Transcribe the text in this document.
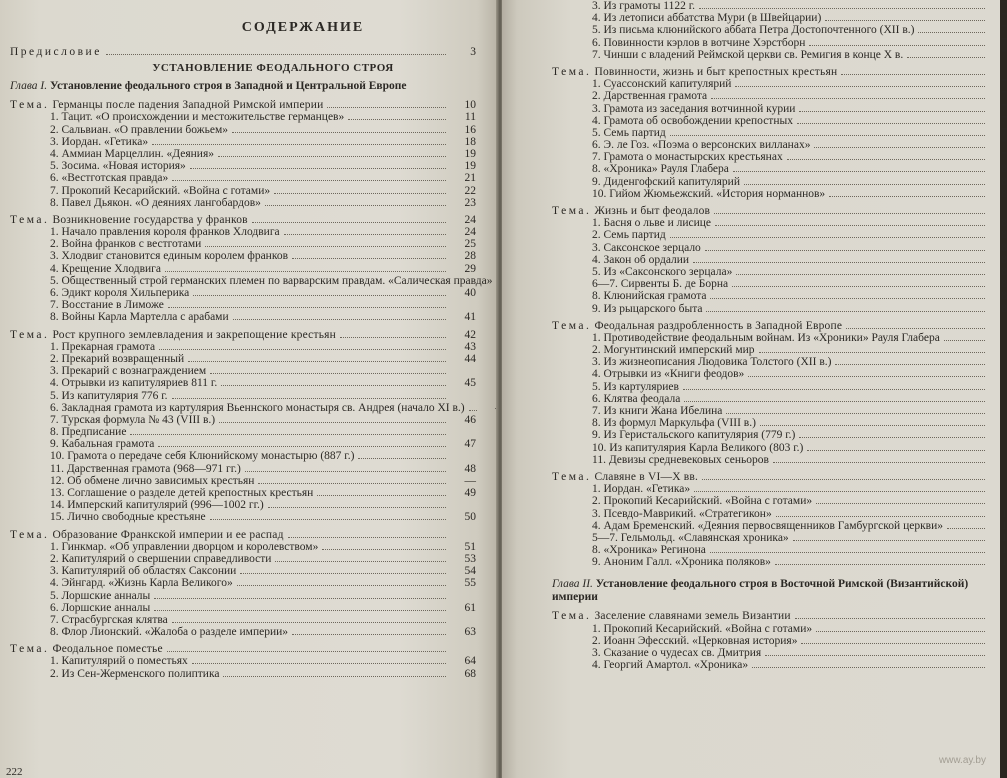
СОДЕРЖАНИЕ
Предисловие	3
УСТАНОВЛЕНИЕ ФЕОДАЛЬНОГО СТРОЯ
Глава I. Установление феодального строя в Западной и Центральной Европе
Тема. Германцы после падения Западной Римской империи	10
1. Тацит. «О происхождении и местожительстве германцев»	11
2. Сальвиан. «О правлении божьем»	16
3. Иордан. «Гетика»	18
4. Аммиан Марцеллин. «Деяния»	19
5. Зосима. «Новая история»	19
6. «Вестготская правда»	21
7. Прокопий Кесарийский. «Война с готами»	22
8. Павел Дьякон. «О деяниях лангобардов»	23
Тема. Возникновение государства у франков	24
1. Начало правления короля франков Хлодвига	24
2. Война франков с вестготами	25
3. Хлодвиг становится единым королем франков	28
4. Крещение Хлодвига	29
5. Общественный строй германских племен по варварским правдам. «Салическая правда»
6. Эдикт короля Хильперика	40
7. Восстание в Лиможе
8. Войны Карла Мартелла с арабами	41
Тема. Рост крупного землевладения и закрепощение крестьян	42
1. Прекарная грамота	43
2. Прекарий возвращенный	44
3. Прекарий с вознаграждением
4. Отрывки из капитуляриев 811 г.	45
5. Из капитулярия 776 г.
6. Закладная грамота из картулярия Вьеннского монастыря св. Андрея (начало XI в.)
7. Турская формула № 43 (VIII в.)	46
8. Предписание
9. Кабальная грамота	47
10. Грамота о передаче себя Клюнийскому монастырю (887 г.)
11. Дарственная грамота (968—971 гг.)	48
12. Об обмене лично зависимых крестьян	—
13. Соглашение о разделе детей крепостных крестьян	49
14. Имперский капитулярий (996—1002 гг.)
15. Лично свободные крестьяне	50
Тема. Образование Франкской империи и ее распад
1. Гинкмар. «Об управлении дворцом и королевством»	51
2. Капитулярий о свершении справедливости	53
3. Капитулярий об областях Саксонии	54
4. Эйнгард. «Жизнь Карла Великого»	55
5. Лоршские анналы
6. Лоршские анналы	61
7. Страсбургская клятва
8. Флор Лионский. «Жалоба о разделе империи»	63
Тема. Феодальное поместье
1. Капитулярий о поместьях	64
2. Из Сен-Жерменского полиптика	68
222
3. Из грамоты 1122 г.	7
4. Из летописи аббатства Мури (в Швейцарии)	7
5. Из письма клюнийского аббата Петра Достопочтенного (XII в.)	7
6. Повинности кэрлов в вотчине Хэрстборн	7
7. Чинши с владений Реймской церкви св. Ремигия в конце X в.	7
Тема. Повинности, жизнь и быт крепостных крестьян
1. Суассонский капитулярий	7
2. Дарственная грамота	7
3. Грамота из заседания вотчинной курии	7
4. Грамота об освобождении крепостных	7
5. Семь партид	7
6. Э. ле Гоз. «Поэма о версонских вилланах»	7
7. Грамота о монастырских крестьянах	7
8. «Хроника» Рауля Глабера	8
9. Диденгофский капитулярий	8
10. Гийом Жюмьежский. «История норманнов»	8
Тема. Жизнь и быт феодалов
1. Басня о льве и лисице	8
2. Семь партид	8
3. Саксонское зерцало	8
4. Закон об ордалии	8
5. Из «Саксонского зерцала»	8
6—7. Сирвенты Б. де Борна	8
8. Клюнийская грамота	8
9. Из рыцарского быта	8
Тема. Феодальная раздробленность в Западной Европе
1. Противодействие феодальным войнам. Из «Хроники» Рауля Глабера
2. Могунтинский имперский мир
3. Из жизнеописания Людовика Толстого (XII в.)
4. Отрывки из «Книги феодов»
5. Из картуляриев
6. Клятва феодала
7. Из книги Жана Ибелина
8. Из формул Маркульфа (VIII в.)
9. Из Геристальского капитулярия (779 г.)
10. Из капитулярия Карла Великого (803 г.)
11. Девизы средневековых сеньоров
Тема. Славяне в VI—X вв.
1. Иордан. «Гетика»
2. Прокопий Кесарийский. «Война с готами»
3. Псевдо-Маврикий. «Стратегикон»	1
4. Адам Бременский. «Деяния первосвященников Гамбургской церкви»	1
5—7. Гельмольд. «Славянская хроника»	1
8. «Хроника» Регинона	1
9. Аноним Галл. «Хроника поляков»	1
Глава II. Установление феодального строя в Восточной Римской (Византийской) империи
Тема. Заселение славянами земель Византии
1. Прокопий Кесарийский. «Война с готами»
2. Иоанн Эфесский. «Церковная история»
3. Сказание о чудесах св. Дмитрия
4. Георгий Амартол. «Хроника»
www.ay.by
